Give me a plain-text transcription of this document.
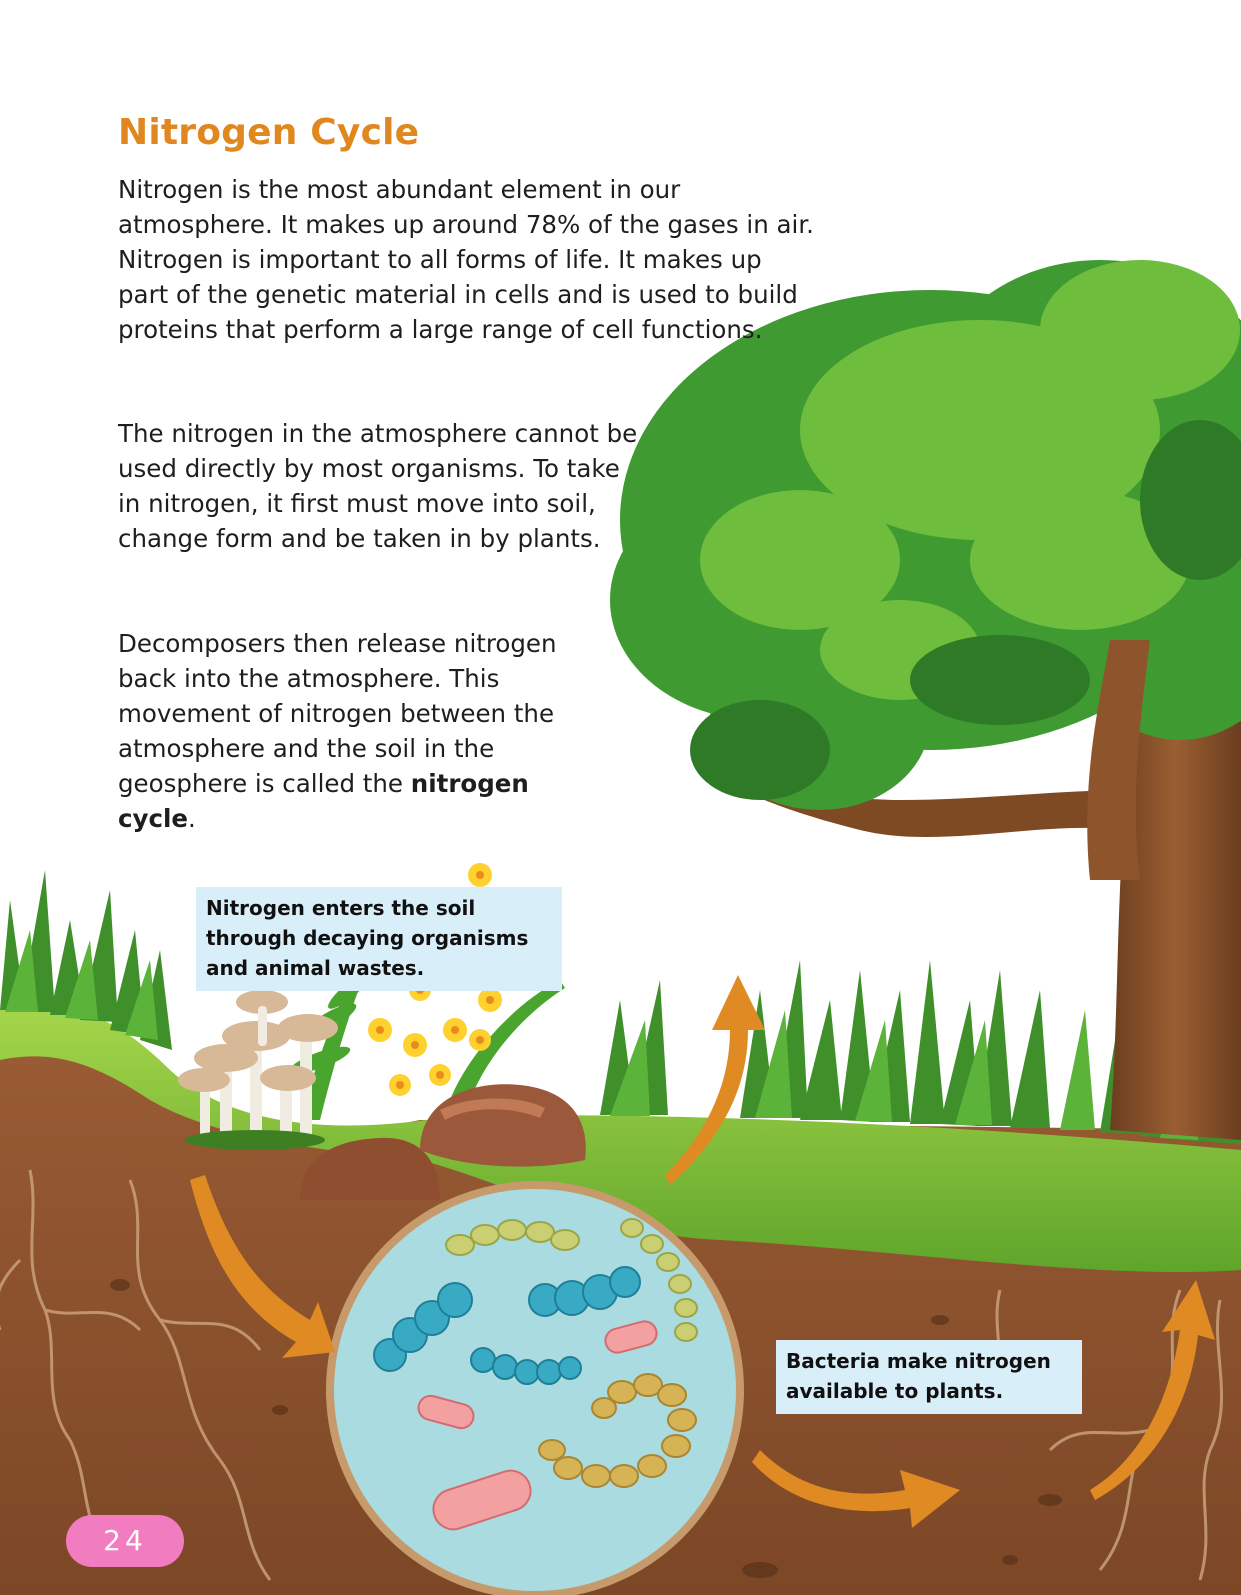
Nitrogen Cycle

Nitrogen is the most abundant element in our atmosphere. It makes up around 78% of the gases in air. Nitrogen is important to all forms of life. It makes up part of the genetic material in cells and is used to build proteins that perform a large range of cell functions.

The nitrogen in the atmosphere cannot be used directly by most organisms. To take in nitrogen, it first must move into soil, change form and be taken in by plants.

Decomposers then release nitrogen back into the atmosphere. This movement of nitrogen between the atmosphere and the soil in the geosphere is called the nitrogen cycle.

Nitrogen enters the soil through decaying organisms and animal wastes.
Bacteria make nitrogen available to plants.
24
